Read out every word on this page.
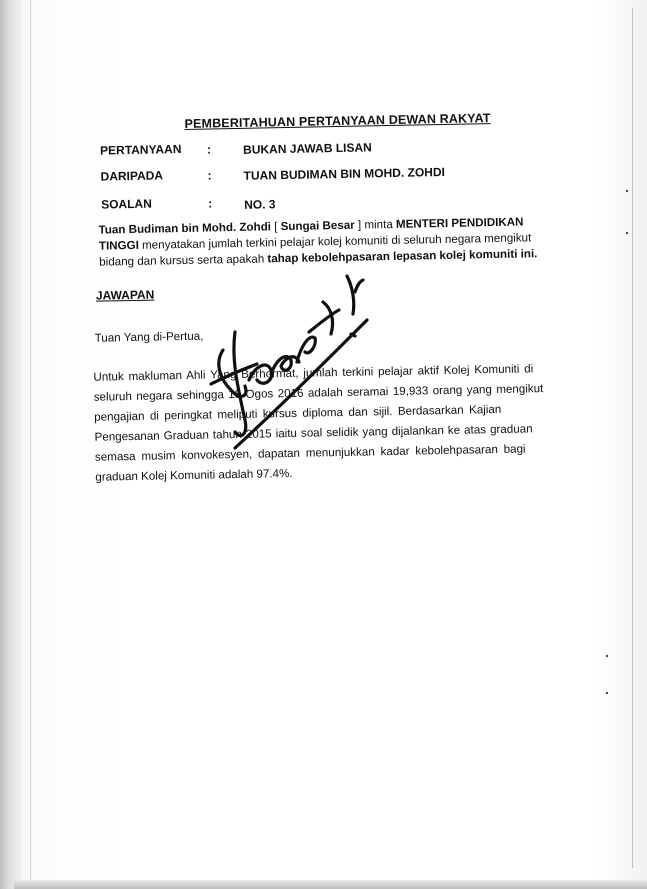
PEMBERITAHUAN PERTANYAAN DEWAN RAKYAT
PERTANYAAN :	BUKAN JAWAB LISAN
DARIPADA	:	TUAN BUDIMAN BIN MOHD. ZOHDI
SOALAN	:	NO. 3
Tuan Budiman bin Mohd. Zohdi [ Sungai Besar ] minta MENTERI PENDIDIKAN
TINGGI menyatakan jumlah terkini pelajar kolej komuniti di seluruh negara mengikut
bidang dan kursus serta apakah tahap kebolehpasaran lepasan kolej komuniti ini.
JAWAPAN
Tuan Yang di-Pertua,
Untuk makluman Ahli Yang Berhormat, jumlah terkini pelajar aktif Kolej Komuniti di
seluruh negara sehingga 18 Ogos 2016 adalah seramai 19,933 orang yang mengikut
pengajian di peringkat meliputi kursus diploma dan sijil. Berdasarkan Kajian
Pengesanan Graduan tahun 2015 iaitu soal selidik yang dijalankan ke atas graduan
semasa musim konvokesyen, dapatan menunjukkan kadar kebolehpasaran bagi
graduan Kolej Komuniti adalah 97.4%.
